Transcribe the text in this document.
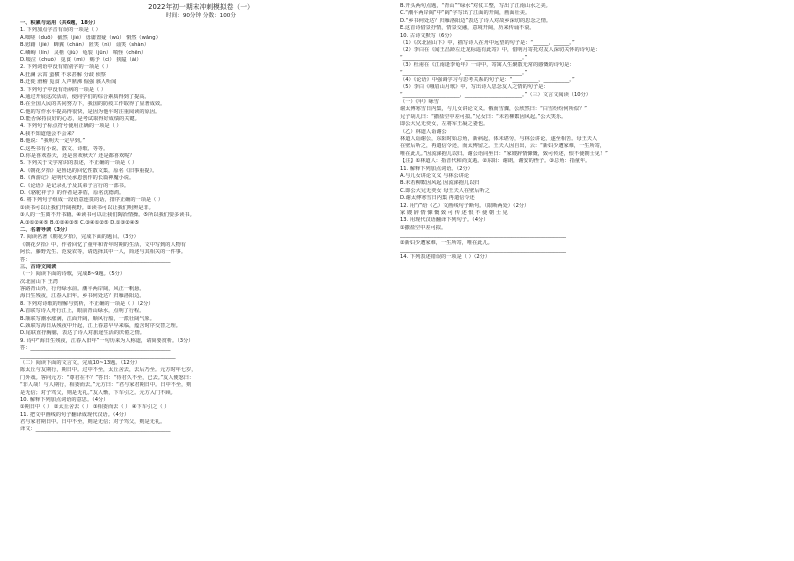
2022年初一期末冲刺模拟卷（一）
时间：90分钟 分数：100分
一、积累与运用（共6题，18分）
1. 下列加点字音有误的一项是（ ）
A.咄嗟（duō） 截然（jié） 毋庸置疑（wú） 惘然（wǎng）
B.慰藉（jiè） 蝉翼（chán） 匿笑（nì） 讪笑（shàn）
C.嶙峋（lín） 灵柩（jiù） 龟裂（jūn） 嗔怪（chēn）
D.啜泣（chuò） 觅食（mì） 赐予（cì） 狭隘（ài）
2. 下列词语中没有错别字的一项是（ ）
A.狂澜 云霄 蛮横 不求甚解 分歧 侦察
B.迁徙 滑稽 觅食 人声鼎沸 倔强 骇人听闻
3. 下列句子中没有语病的一项是（ ）
A.通过开展这次活动，使同学们的综合素质得到了提高。
B.在全国人民的共同努力下，我国的防疫工作取得了显著成效。
C.他的写作水平提高得很快，是因为他平时注重阅读的原因。
D.能否保持良好的心态，是考试取得好成绩的关键。
4. 下列句子标点符号使用正确的一项是（ ）
A.我不知道他会不会来？
B.他说：“我明天一定早到。”
C.这些书有小说、散文、诗歌、等等。
D.你是喜欢春天，还是喜欢秋天？还是都喜欢呢？
5. 下列关于文学常识的表述，不正确的一项是（ ）
A.《朝花夕拾》是鲁迅的回忆性散文集，原名《旧事重提》。
B.《西游记》是明代吴承恩创作的长篇神魔小说。
C.《论语》是记录孔子及其弟子言行的一部书。
D.《骆驼祥子》的作者是茅盾，原名沈德鸿。
6. 将下列句子组成一段语意连贯的话，排序正确的一项是（ ）
①读书可以让我们开阔视野。②读书可以让我们明辨是非。
③人的一生离不开书籍。④读书可以让我们陶冶情操。⑤所以我们要多读书。
A.③①②④⑤ B.①②④③⑤ C.③④①②⑤ D.①③②④⑤
二、名著导读（3分）
7. 阅读名著《朝花夕拾》，完成下面的题目。（3分）
《朝花夕拾》中，作者回忆了童年和青年时期的生活，文中写到的人物有
阿长、藤野先生、范爱农等，请选择其中一人，简述与其相关的一件事。
答：______________________________________________________
三、古诗文阅读
（一）阅读下面的诗歌，完成8~9题。（5分）
次北固山下 王湾
客路青山外，行舟绿水前。潮平两岸阔，风正一帆悬。
海日生残夜，江春入旧年。乡书何处达？归雁洛阳边。
8. 下列对诗歌的理解与赏析，不正确的一项是（ ）（2分）
A.首联写诗人舟行江上，眼前青山绿水，点明了行程。
B.颔联写潮水涨满，江面开阔，顺风行船，一派壮阔气象。
C.颈联写海日从残夜中升起，江上春意早早来临，蕴含时序交替之理。
D.尾联直抒胸臆，表达了诗人对旅途生活的厌倦之情。
9. 诗中“海日生残夜，江春入旧年”一句历来为人称道，请简要赏析。（3分）
答：______________________________________________________
____________________________________________________________
（二）阅读下面的文言文，完成10~13题。（12分）
陈太丘与友期行，期日中。过中不至，太丘舍去，去后乃至。元方时年七岁，
门外戏。客问元方：“尊君在不？”答曰：“待君久不至，已去。”友人便怒曰：
“非人哉！与人期行，相委而去。”元方曰：“君与家君期日中。日中不至，则
是无信；对子骂父，则是无礼。”友人惭，下车引之。元方入门不顾。
10. 解释下列加点词语的意思。（4分）
①期日中（ ） ②太丘舍去（ ） ③相委而去（ ） ④下车引之（ ）
11. 把文中画线的句子翻译成现代汉语。（4分）
君与家君期日中。日中不至，则是无信；对子骂父，则是无礼。
译文：____________________________________________________
B.开头两句点题，“青山”“绿水”对仗工整，写出了江南山水之美。
C.“潮平两岸阔”中“阔”字写出了江面的开阔，画面壮美。
D.“乡书何处达？归雁洛阳边”表达了诗人对故乡深切的思念之情。
E.这首诗借景抒情，情景交融，意境开阔，历来传诵不衰。
10. 古诗文默写（6分）
（1）《次北固山下》中，描写诗人在舟中远望的句子是：“______，______。”
（2）李白在《闻王昌龄左迁龙标遥有此寄》中，借明月寄托对友人深切关怀的诗句是：
“______________________，______________________。”
（3）杜甫在《江南逢李龟年》一诗中，寄寓人生聚散无常的感慨的诗句是：
“______________________，______________________。”
（4）《论语》中强调学习与思考关系的句子是：“__________，__________。”
（5）李白《峨眉山月歌》中，写出诗人思念友人之情的句子是：
“______________________，______________________。”（三）文言文阅读（10分）
（一）《甲》咏雪
谢太傅寒雪日内集，与儿女讲论文义。俄而雪骤，公欣然曰：“白雪纷纷何所似？”
兄子胡儿曰：“撒盐空中差可拟。”兄女曰：“未若柳絮因风起。”公大笑乐。
即公大兄无奕女，左将军王凝之妻也。
（乙）林道人诣谢公
林道人诣谢公，东阳时始总角，新病起，体未堪劳，与林公讲论，遂至相苦。母王夫人
在壁后听之，再遣信令还，而太傅留之。王夫人因自出，云：“新妇少遭家难，一生所寄，
唯在此儿。”因流涕抱儿以归。谢公语同坐曰：“家嫂辞情慷慨，致可传述，恨不使朝士见！”
【注】①林道人：指晋代和尚支遁。②东阳：谢朗，谢安的侄子。③总角：指童年。
11. 解释下列加点词语。（2分）
A.与儿女讲论文义 与林公讲论
B.未若柳絮因风起 因流涕抱儿以归
C.即公大兄无奕女 母王夫人在壁后听之
D.谢太傅寒雪日内集 再遣信令还
12. 用“/”给（乙）文画线句子断句。（限断两处）（2分）
家 嫂 辞 情 慷 慨 致 可 传 述 恨 不 使 朝 士 见
13. 用现代汉语翻译下列句子。（4分）
①撒盐空中差可拟。
________________________________________________________________
②新妇少遭家难，一生所寄，唯在此儿。
________________________________________________________________
14. 下列表述错误的一项是（ ）（2分）
